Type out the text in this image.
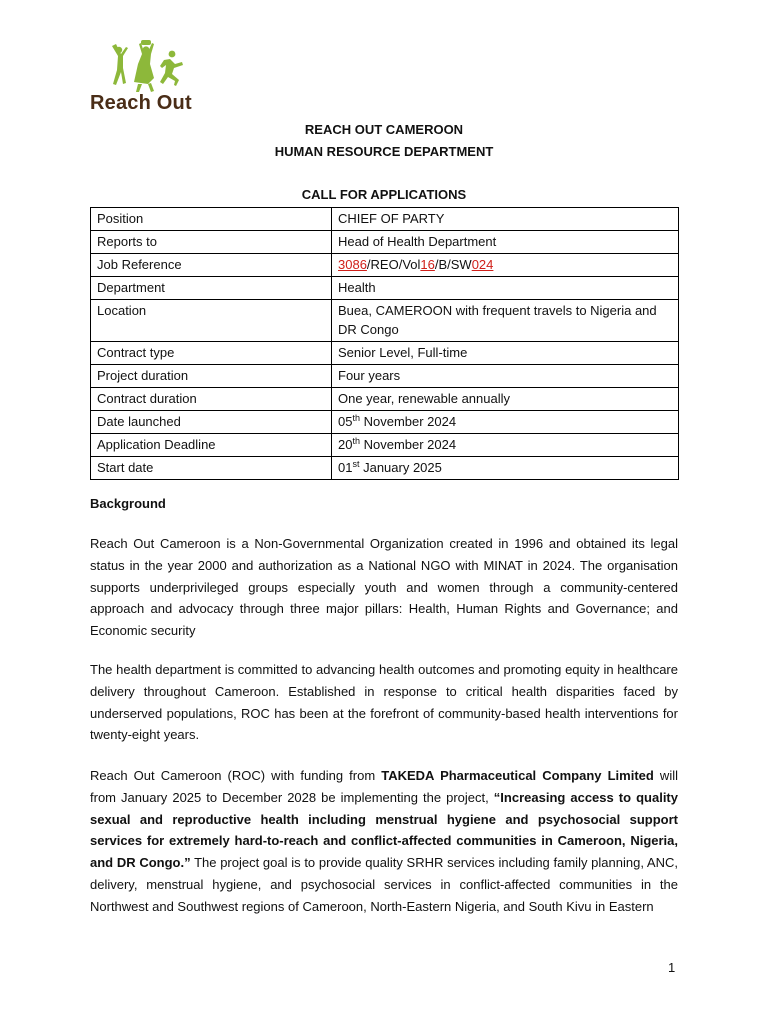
Reach Out
REACH OUT CAMEROON
HUMAN RESOURCE DEPARTMENT
CALL FOR APPLICATIONS
Position	CHIEF OF PARTY
Reports to	Head of Health Department
Job Reference	3086/REO/Vol16/B/SW024
Department	Health
Location	Buea, CAMEROON with frequent travels to Nigeria and DR Congo
Contract type	Senior Level, Full-time
Project duration	Four years
Contract duration	One year, renewable annually
Date launched	05th November 2024
Application Deadline	20th November 2024
Start date	01st January 2025
Background
Reach Out Cameroon is a Non-Governmental Organization created in 1996 and obtained its legal status in the year 2000 and authorization as a National NGO with MINAT in 2024. The organisation supports underprivileged groups especially youth and women through a community-centered approach and advocacy through three major pillars: Health, Human Rights and Governance; and Economic security
The health department is committed to advancing health outcomes and promoting equity in healthcare delivery throughout Cameroon. Established in response to critical health disparities faced by underserved populations, ROC has been at the forefront of community-based health interventions for twenty-eight years.
Reach Out Cameroon (ROC) with funding from TAKEDA Pharmaceutical Company Limited will from January 2025 to December 2028 be implementing the project, “Increasing access to quality sexual and reproductive health including menstrual hygiene and psychosocial support services for extremely hard-to-reach and conflict-affected communities in Cameroon, Nigeria, and DR Congo.” The project goal is to provide quality SRHR services including family planning, ANC, delivery, menstrual hygiene, and psychosocial services in conflict-affected communities in the Northwest and Southwest regions of Cameroon, North-Eastern Nigeria, and South Kivu in Eastern
1
